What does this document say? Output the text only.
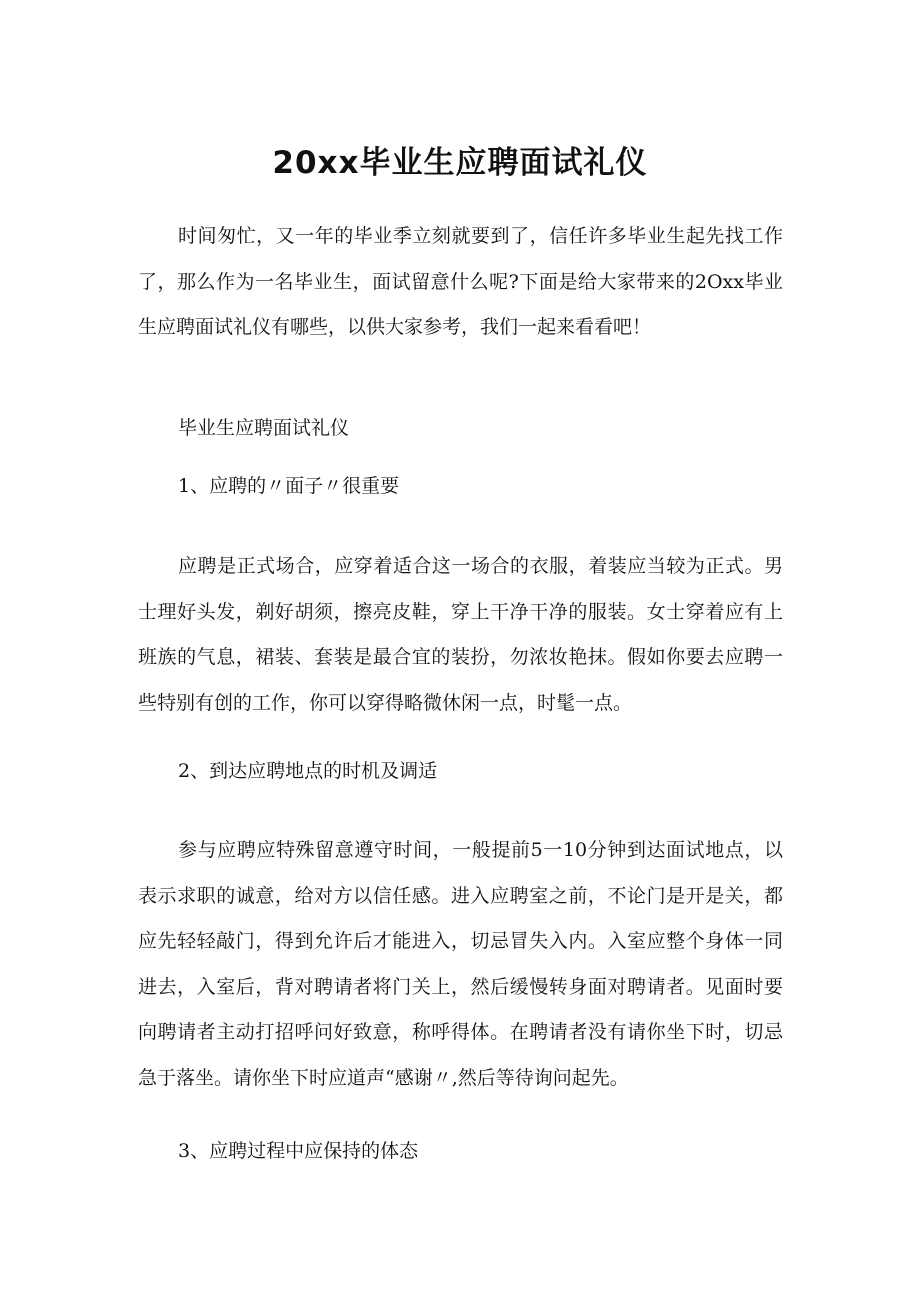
20xx毕业生应聘面试礼仪

时间匆忙，又一年的毕业季立刻就要到了，信任许多毕业生起先找工作了，那么作为一名毕业生，面试留意什么呢?下面是给大家带来的2Oxx毕业生应聘面试礼仪有哪些，以供大家参考，我们一起来看看吧！

毕业生应聘面试礼仪

1、应聘的〃面子〃很重要

应聘是正式场合，应穿着适合这一场合的衣服，着装应当较为正式。男士理好头发，剃好胡须，擦亮皮鞋，穿上干净干净的服装。女士穿着应有上班族的气息，裙装、套装是最合宜的装扮，勿浓妆艳抹。假如你要去应聘一些特别有创的工作，你可以穿得略微休闲一点，时髦一点。

2、到达应聘地点的时机及调适

参与应聘应特殊留意遵守时间，一般提前5一10分钟到达面试地点，以表示求职的诚意，给对方以信任感。进入应聘室之前，不论门是开是关，都应先轻轻敲门，得到允许后才能进入，切忌冒失入内。入室应整个身体一同进去，入室后，背对聘请者将门关上，然后缓慢转身面对聘请者。见面时要向聘请者主动打招呼问好致意，称呼得体。在聘请者没有请你坐下时，切忌急于落坐。请你坐下时应道声“感谢〃,然后等待询问起先。

3、应聘过程中应保持的体态
